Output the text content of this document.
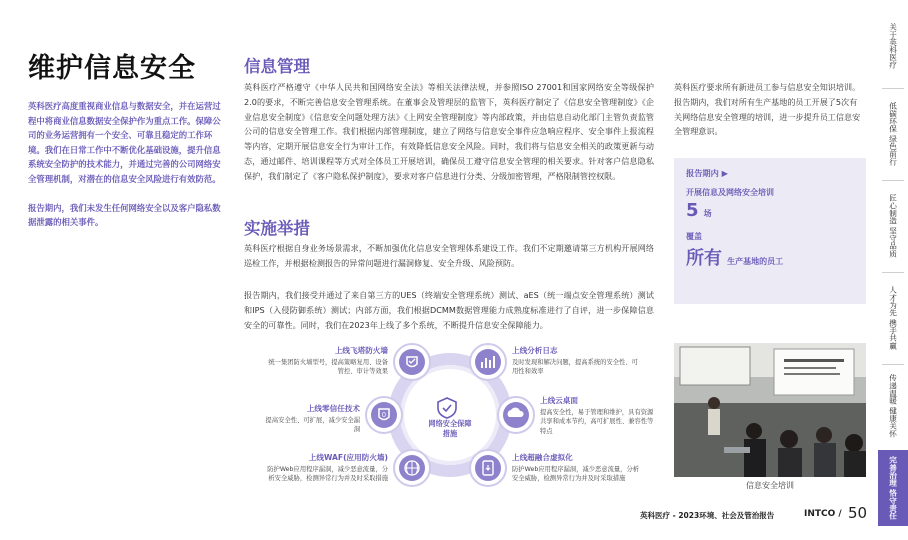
维护信息安全

英科医疗高度重视商业信息与数据安全，并在运营过程中将商业信息数据安全保护作为重点工作。保障公司的业务运营拥有一个安全、可靠且稳定的工作环境。我们在日常工作中不断优化基础设施，提升信息系统安全防护的技术能力，并通过完善的公司网络安全管理机制，对潜在的信息安全风险进行有效防范。

报告期内，我们未发生任何网络安全以及客户隐私数据泄露的相关事件。

信息管理
英科医疗严格遵守《中华人民共和国网络安全法》等相关法律法规，并参照ISO 27001和国家网络安全等级保护2.0的要求，不断完善信息安全管理系统。在董事会及管理层的监管下，英科医疗制定了《信息安全管理制度》《企业信息安全制度》《信息安全问题处理方法》《上网安全管理制度》等内部政策，并由信息自动化部门主管负责监管公司的信息安全管理工作。我们根据内部管理制度，建立了网络与信息安全事件应急响应程序、安全事件上报流程等内容，定期开展信息安全行为审计工作，有效降低信息安全风险。同时，我们将与信息安全相关的政策更新与动态，通过邮件、培训课程等方式对全体员工开展培训，确保员工遵守信息安全管理的相关要求。针对客户信息隐私保护，我们制定了《客户隐私保护制度》，要求对客户信息进行分类、分级加密管理，严格限制管控权限。
实施举措
英科医疗根据自身业务场景需求，不断加强优化信息安全管理体系建设工作。我们不定期邀请第三方机构开展网络巡检工作，并根据检测报告的异常问题进行漏洞修复、安全升级、风险预防。
报告期内，我们接受并通过了来自第三方的UES（终端安全管理系统）测试、aES（统一端点安全管理系统）测试和IPS（入侵防御系统）测试；内部方面，我们根据DCMM数据管理能力成熟度标准进行了自评，进一步保障信息安全的可靠性。同时，我们在2023年上线了多个系统，不断提升信息安全保障能力。
0
网络安全保障措施
上线飞塔防火墙
统一集团防火墙型号，提高策略复用、设备管控、审计等效果
上线零信任技术
提高安全性、可扩展，减少安全漏洞
上线WAF(应用防火墙)
防护Web应用程序漏洞，减少恶意流量，分析安全威胁，检测异常行为并及时采取措施
上线分析日志
及时发现和解决问题，提高系统的安全性、可用性和效率
上线云桌面
提高安全性，易于管理和维护，具有资源共享和成本节约，高可扩展性、兼容性等特点
上线超融合虚拟化
防护Web应用程序漏洞，减少恶意流量，分析安全威胁，检测异常行为并及时采取措施
英科医疗要求所有新进员工参与信息安全知识培训。报告期内，我们对所有生产基地的员工开展了5次有关网络信息安全管理的培训，进一步提升员工信息安全管理意识。
报告期内 ▶
开展信息及网络安全培训
5 场
覆盖
所有 生产基地的员工
信息安全培训
英科医疗 - 2023环境、社会及管治报告	INTCO / 50
关于英科医疗
低碳环保 绿色前行
匠心制造 坚守品质
人才为先 携手共赢
传递温暖 健康关怀
完善治理 恪守责任
